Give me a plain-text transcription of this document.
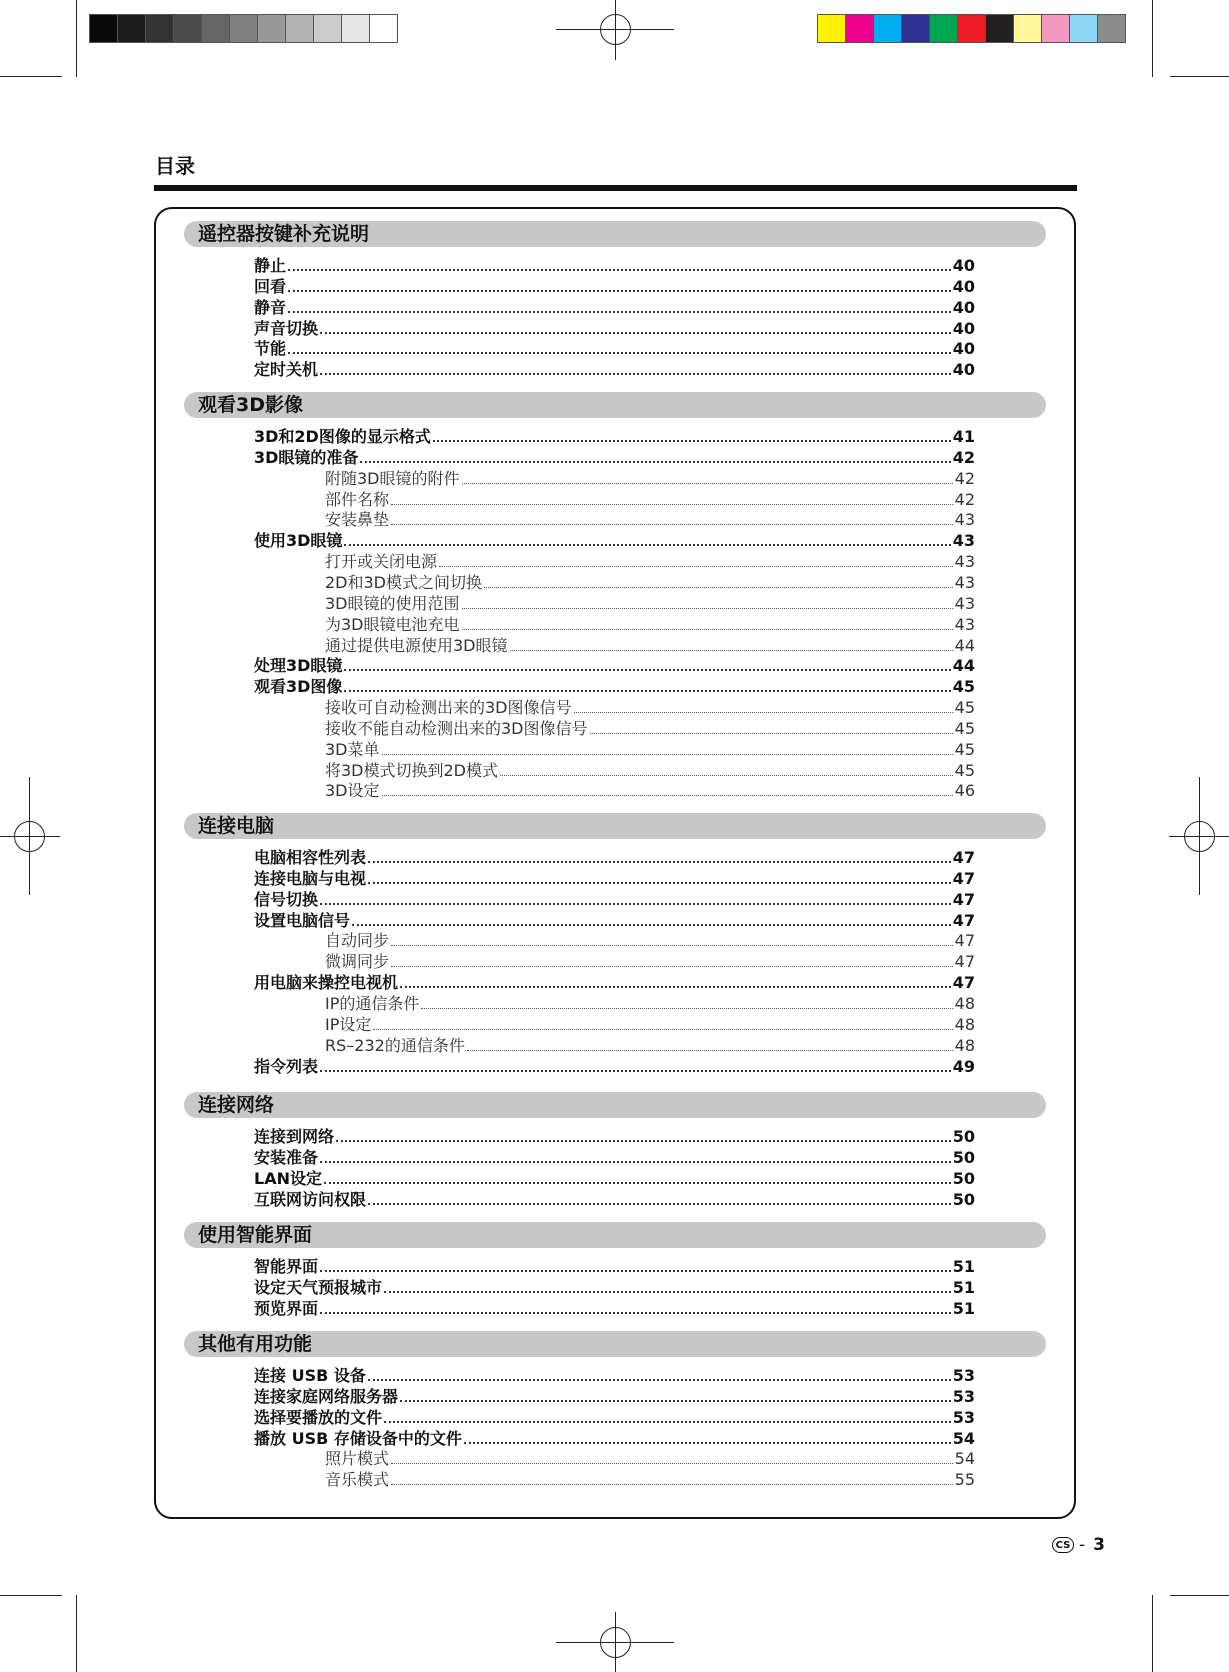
目录
遥控器按键补充说明
静止	40
回看	40
静音	40
声音切换	40
节能	40
定时关机	40
观看3D影像
3D和2D图像的显示格式	41
3D眼镜的准备	42
附随3D眼镜的附件	42
部件名称	42
安装鼻垫	43
使用3D眼镜	43
打开或关闭电源	43
2D和3D模式之间切换	43
3D眼镜的使用范围	43
为3D眼镜电池充电	43
通过提供电源使用3D眼镜	44
处理3D眼镜	44
观看3D图像	45
接收可自动检测出来的3D图像信号	45
接收不能自动检测出来的3D图像信号	45
3D菜单	45
将3D模式切换到2D模式	45
3D设定	46
连接电脑
电脑相容性列表	47
连接电脑与电视	47
信号切换	47
设置电脑信号	47
自动同步	47
微调同步	47
用电脑来操控电视机	47
IP的通信条件	48
IP设定	48
RS–232的通信条件	48
指令列表	49
连接网络
连接到网络	50
安装准备	50
LAN设定	50
互联网访问权限	50
使用智能界面
智能界面	51
设定天气预报城市	51
预览界面	51
其他有用功能
连接 USB 设备	53
连接家庭网络服务器	53
选择要播放的文件	53
播放 USB 存储设备中的文件	54
照片模式	54
音乐模式	55
CS - 3
